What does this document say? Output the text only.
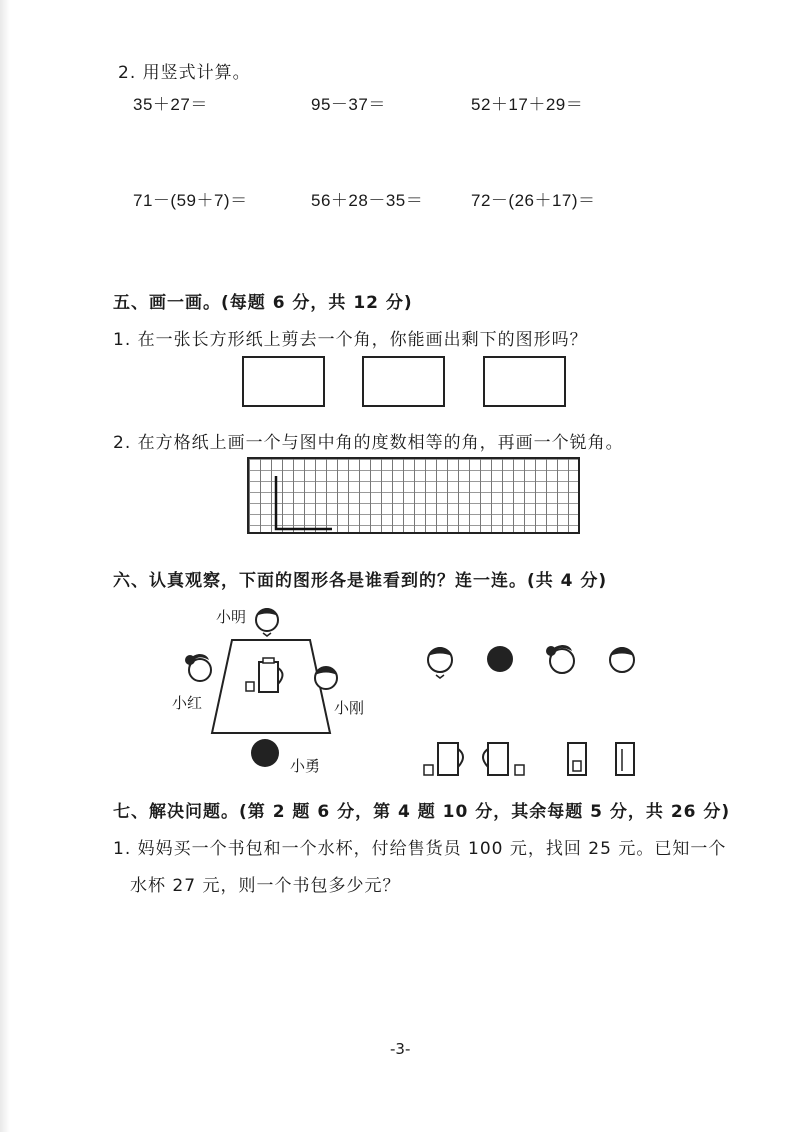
2. 用竖式计算。
35＋27＝	95－37＝	52＋17＋29＝
71－(59＋7)＝	56＋28－35＝	72－(26＋17)＝
五、画一画。(每题 6 分，共 12 分)
1. 在一张长方形纸上剪去一个角，你能画出剩下的图形吗？
2. 在方格纸上画一个与图中角的度数相等的角，再画一个锐角。
六、认真观察，下面的图形各是谁看到的？连一连。(共 4 分)
小明
小红	小刚
小勇
七、解决问题。(第 2 题 6 分，第 4 题 10 分，其余每题 5 分，共 26 分)
1. 妈妈买一个书包和一个水杯，付给售货员 100 元，找回 25 元。已知一个
水杯 27 元，则一个书包多少元？
-3-
